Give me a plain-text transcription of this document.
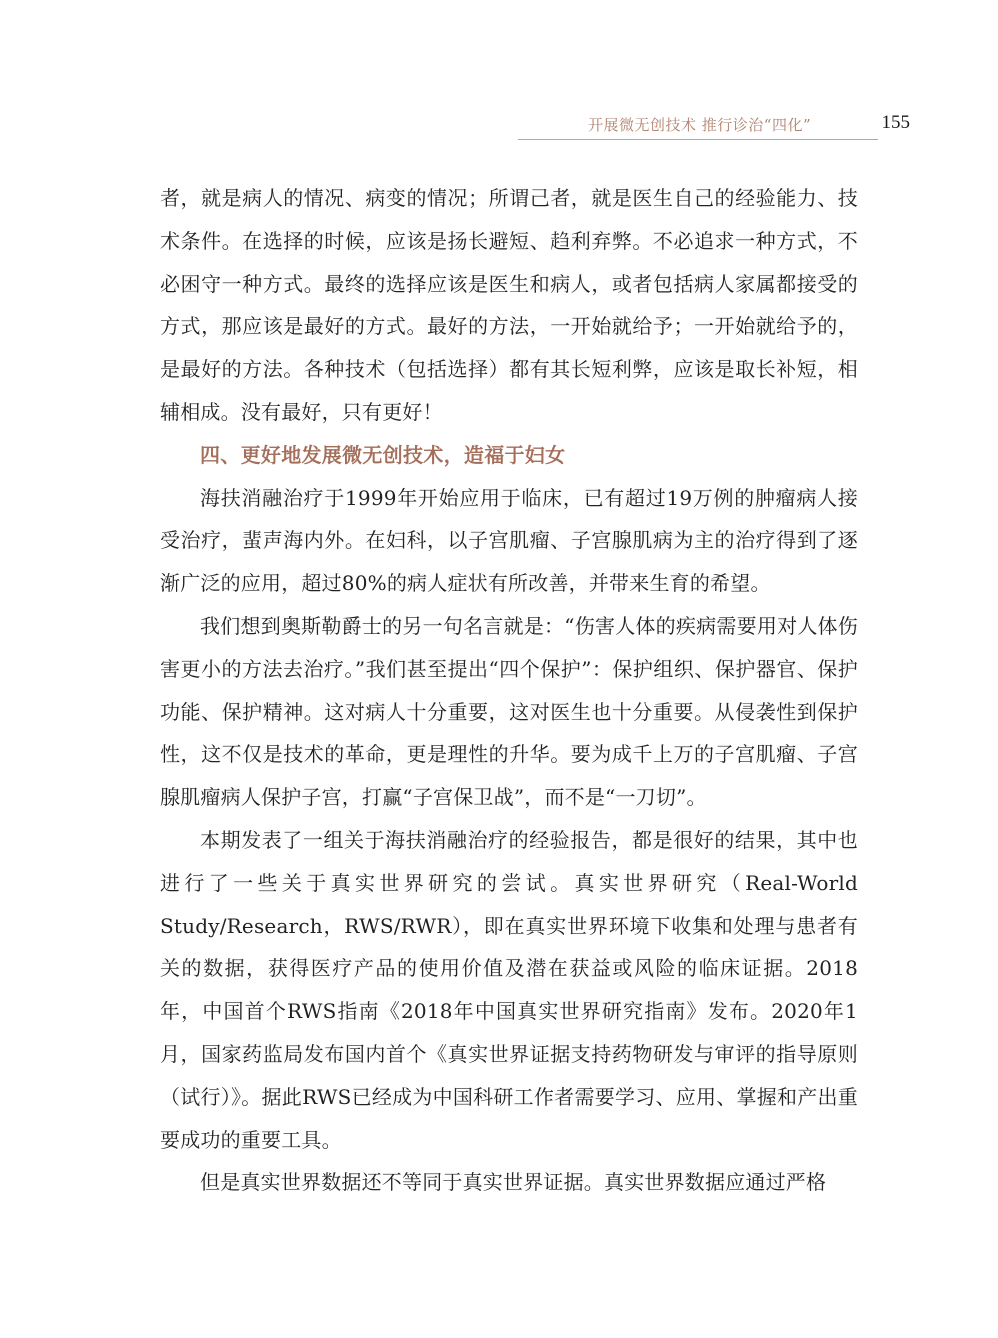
开展微无创技术 推行诊治“四化”	155

者，就是病人的情况、病变的情况；所谓己者，就是医生自己的经验能力、技术条件。在选择的时候，应该是扬长避短、趋利弃弊。不必追求一种方式，不必困守一种方式。最终的选择应该是医生和病人，或者包括病人家属都接受的方式，那应该是最好的方式。最好的方法，一开始就给予；一开始就给予的，是最好的方法。各种技术（包括选择）都有其长短利弊，应该是取长补短，相辅相成。没有最好，只有更好！

四、更好地发展微无创技术，造福于妇女

海扶消融治疗于1999年开始应用于临床，已有超过19万例的肿瘤病人接受治疗，蜚声海内外。在妇科，以子宫肌瘤、子宫腺肌病为主的治疗得到了逐渐广泛的应用，超过80%的病人症状有所改善，并带来生育的希望。

我们想到奥斯勒爵士的另一句名言就是：“伤害人体的疾病需要用对人体伤害更小的方法去治疗。”我们甚至提出“四个保护”：保护组织、保护器官、保护功能、保护精神。这对病人十分重要，这对医生也十分重要。从侵袭性到保护性，这不仅是技术的革命，更是理性的升华。要为成千上万的子宫肌瘤、子宫腺肌瘤病人保护子宫，打赢“子宫保卫战”，而不是“一刀切”。

本期发表了一组关于海扶消融治疗的经验报告，都是很好的结果，其中也进行了一些关于真实世界研究的尝试。真实世界研究（Real-World Study/Research，RWS/RWR），即在真实世界环境下收集和处理与患者有关的数据，获得医疗产品的使用价值及潜在获益或风险的临床证据。2018年，中国首个RWS指南《2018年中国真实世界研究指南》发布。2020年1月，国家药监局发布国内首个《真实世界证据支持药物研发与审评的指导原则（试行）》。据此RWS已经成为中国科研工作者需要学习、应用、掌握和产出重要成功的重要工具。

但是真实世界数据还不等同于真实世界证据。真实世界数据应通过严格
